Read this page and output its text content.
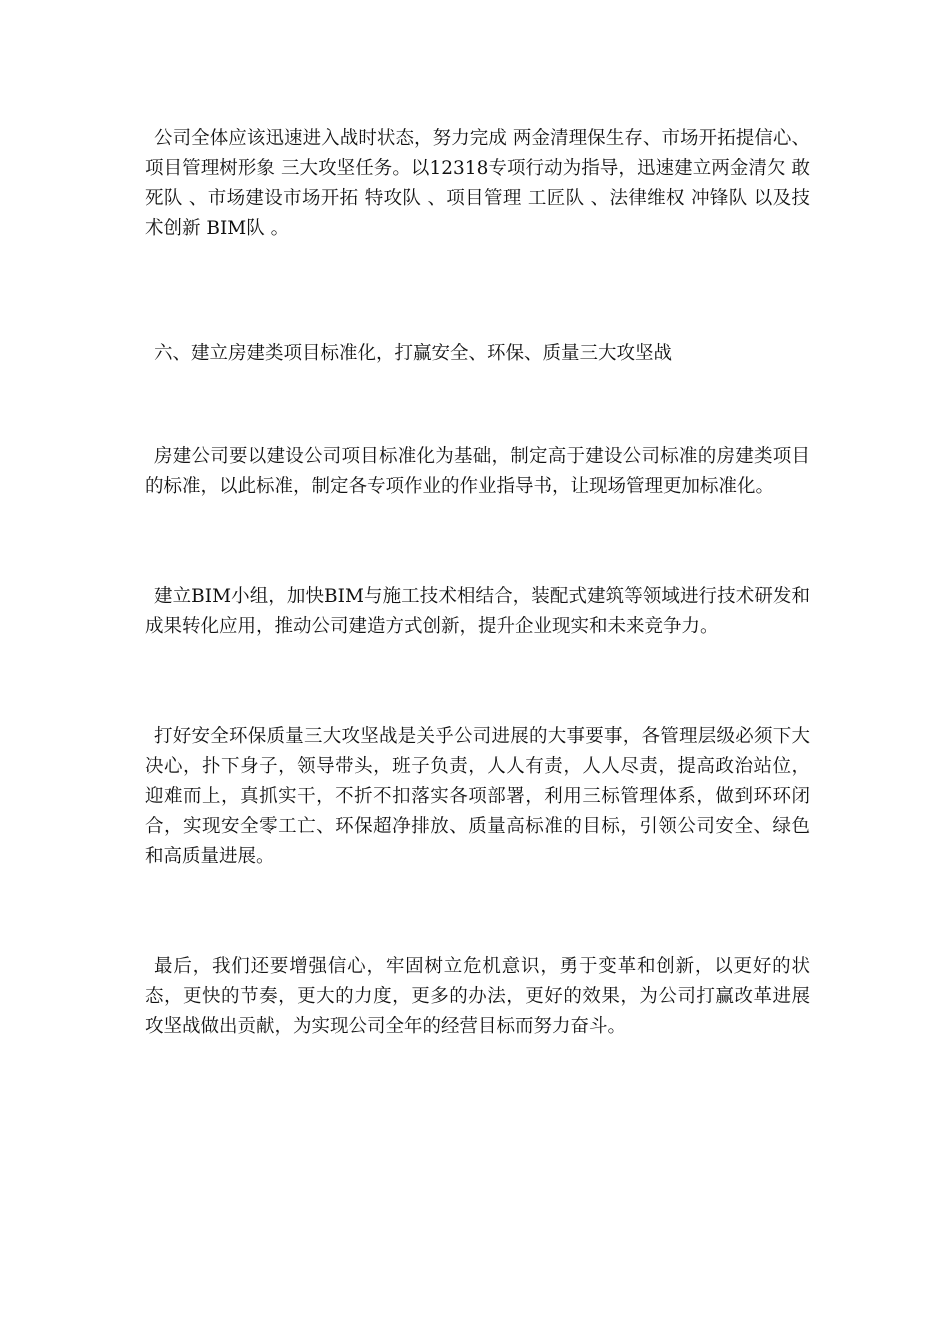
公司全体应该迅速进入战时状态，努力完成 两金清理保生存、市场开拓提信心、项目管理树形象 三大攻坚任务。以12318专项行动为指导，迅速建立两金清欠 敢死队 、市场建设市场开拓 特攻队 、项目管理 工匠队 、法律维权 冲锋队 以及技术创新 BIM队 。

六、建立房建类项目标准化，打赢安全、环保、质量三大攻坚战

房建公司要以建设公司项目标准化为基础，制定高于建设公司标准的房建类项目的标准，以此标准，制定各专项作业的作业指导书，让现场管理更加标准化。

建立BIM小组，加快BIM与施工技术相结合，装配式建筑等领域进行技术研发和成果转化应用，推动公司建造方式创新，提升企业现实和未来竞争力。

打好安全环保质量三大攻坚战是关乎公司进展的大事要事，各管理层级必须下大决心，扑下身子，领导带头，班子负责，人人有责，人人尽责，提高政治站位，迎难而上，真抓实干，不折不扣落实各项部署，利用三标管理体系，做到环环闭合，实现安全零工亡、环保超净排放、质量高标准的目标，引领公司安全、绿色和高质量进展。

最后，我们还要增强信心，牢固树立危机意识，勇于变革和创新，以更好的状态，更快的节奏，更大的力度，更多的办法，更好的效果，为公司打赢改革进展攻坚战做出贡献，为实现公司全年的经营目标而努力奋斗。
